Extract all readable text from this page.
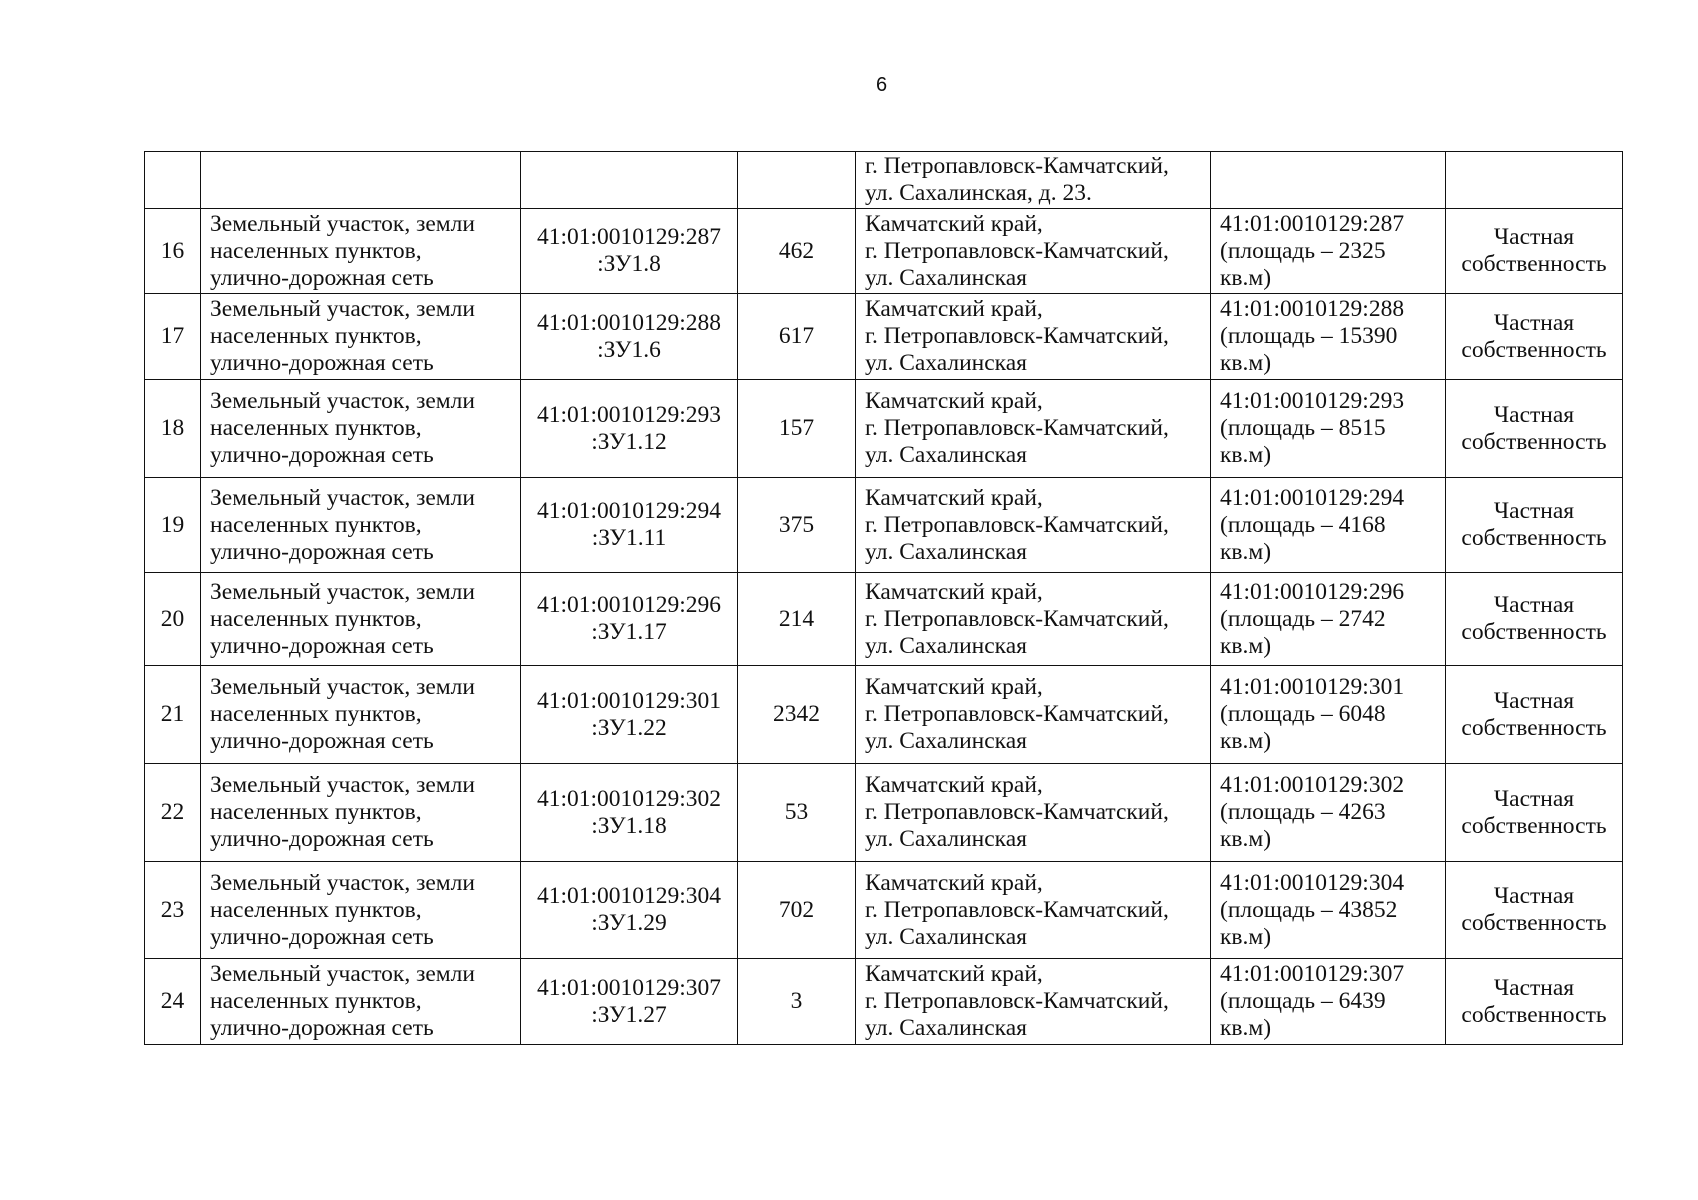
6

				г. Петропавловск-Камчатский,
ул. Сахалинская, д. 23.		

16	Земельный участок, земли
населенных пунктов,
улично-дорожная сеть	41:01:0010129:287
:ЗУ1.8	462	Камчатский край,
г. Петропавловск-Камчатский,
ул. Сахалинская	41:01:0010129:287
(площадь – 2325
кв.м)	Частная
собственность

17	Земельный участок, земли
населенных пунктов,
улично-дорожная сеть	41:01:0010129:288
:ЗУ1.6	617	Камчатский край,
г. Петропавловск-Камчатский,
ул. Сахалинская	41:01:0010129:288
(площадь – 15390
кв.м)	Частная
собственность

18	Земельный участок, земли
населенных пунктов,
улично-дорожная сеть	41:01:0010129:293
:ЗУ1.12	157	Камчатский край,
г. Петропавловск-Камчатский,
ул. Сахалинская	41:01:0010129:293
(площадь – 8515
кв.м)	Частная
собственность

19	Земельный участок, земли
населенных пунктов,
улично-дорожная сеть	41:01:0010129:294
:ЗУ1.11	375	Камчатский край,
г. Петропавловск-Камчатский,
ул. Сахалинская	41:01:0010129:294
(площадь – 4168
кв.м)	Частная
собственность

20	Земельный участок, земли
населенных пунктов,
улично-дорожная сеть	41:01:0010129:296
:ЗУ1.17	214	Камчатский край,
г. Петропавловск-Камчатский,
ул. Сахалинская	41:01:0010129:296
(площадь – 2742
кв.м)	Частная
собственность

21	Земельный участок, земли
населенных пунктов,
улично-дорожная сеть	41:01:0010129:301
:ЗУ1.22	2342	Камчатский край,
г. Петропавловск-Камчатский,
ул. Сахалинская	41:01:0010129:301
(площадь – 6048
кв.м)	Частная
собственность

22	Земельный участок, земли
населенных пунктов,
улично-дорожная сеть	41:01:0010129:302
:ЗУ1.18	53	Камчатский край,
г. Петропавловск-Камчатский,
ул. Сахалинская	41:01:0010129:302
(площадь – 4263
кв.м)	Частная
собственность

23	Земельный участок, земли
населенных пунктов,
улично-дорожная сеть	41:01:0010129:304
:ЗУ1.29	702	Камчатский край,
г. Петропавловск-Камчатский,
ул. Сахалинская	41:01:0010129:304
(площадь – 43852
кв.м)	Частная
собственность

24	Земельный участок, земли
населенных пунктов,
улично-дорожная сеть	41:01:0010129:307
:ЗУ1.27	3	Камчатский край,
г. Петропавловск-Камчатский,
ул. Сахалинская	41:01:0010129:307
(площадь – 6439
кв.м)	Частная
собственность
